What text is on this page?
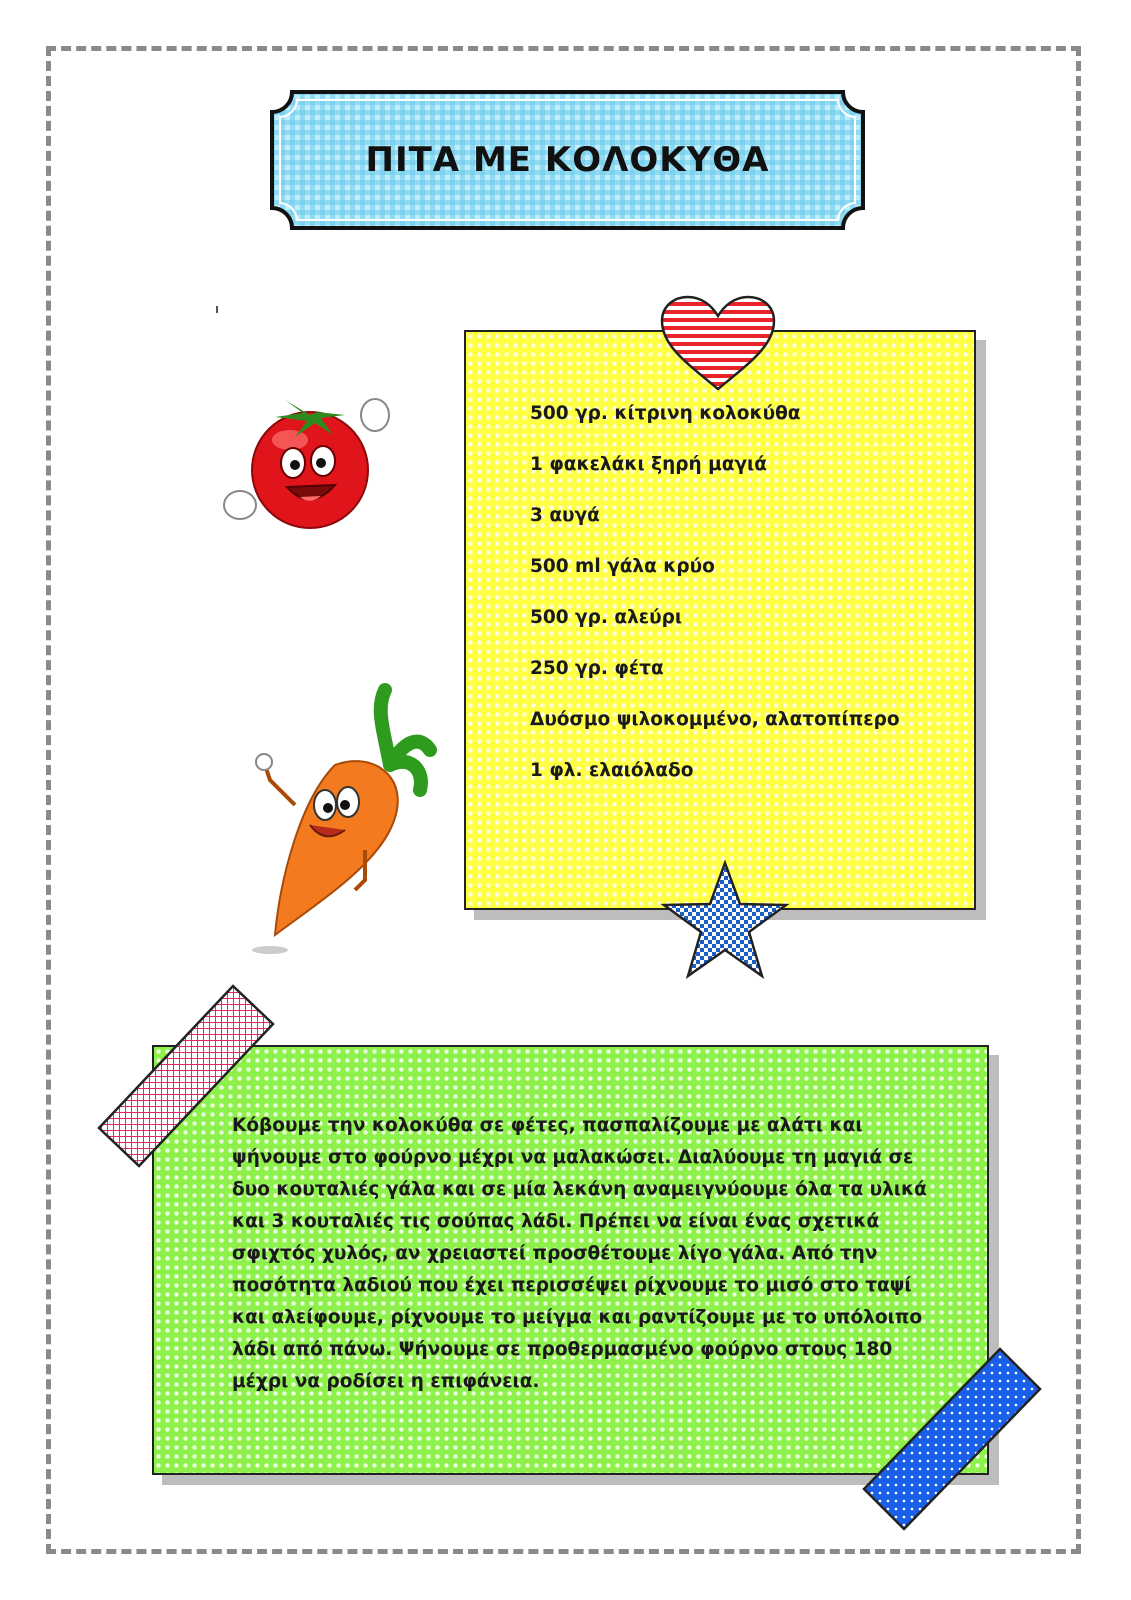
ΠΙΤΑ ΜΕ ΚΟΛΟΚΥΘΑ
500 γρ. κίτρινη κολοκύθα
1 φακελάκι ξηρή μαγιά
3 αυγά
500 ml γάλα κρύο
500 γρ. αλεύρι
250 γρ. φέτα
Δυόσμο ψιλοκομμένο, αλατοπίπερο
1 φλ. ελαιόλαδο

Κόβουμε την κολοκύθα σε φέτες, πασπαλίζουμε με αλάτι και ψήνουμε στο φούρνο μέχρι να μαλακώσει. Διαλύουμε τη μαγιά σε δυο κουταλιές γάλα και σε μία λεκάνη αναμειγνύουμε όλα τα υλικά και 3 κουταλιές τις σούπας λάδι. Πρέπει να είναι ένας σχετικά σφιχτός χυλός, αν χρειαστεί προσθέτουμε λίγο γάλα. Από την ποσότητα λαδιού που έχει περισσέψει ρίχνουμε το μισό στο ταψί και αλείφουμε, ρίχνουμε το μείγμα και ραντίζουμε με το υπόλοιπο λάδι από πάνω. Ψήνουμε σε προθερμασμένο φούρνο στους 180 μέχρι να ροδίσει η επιφάνεια.
